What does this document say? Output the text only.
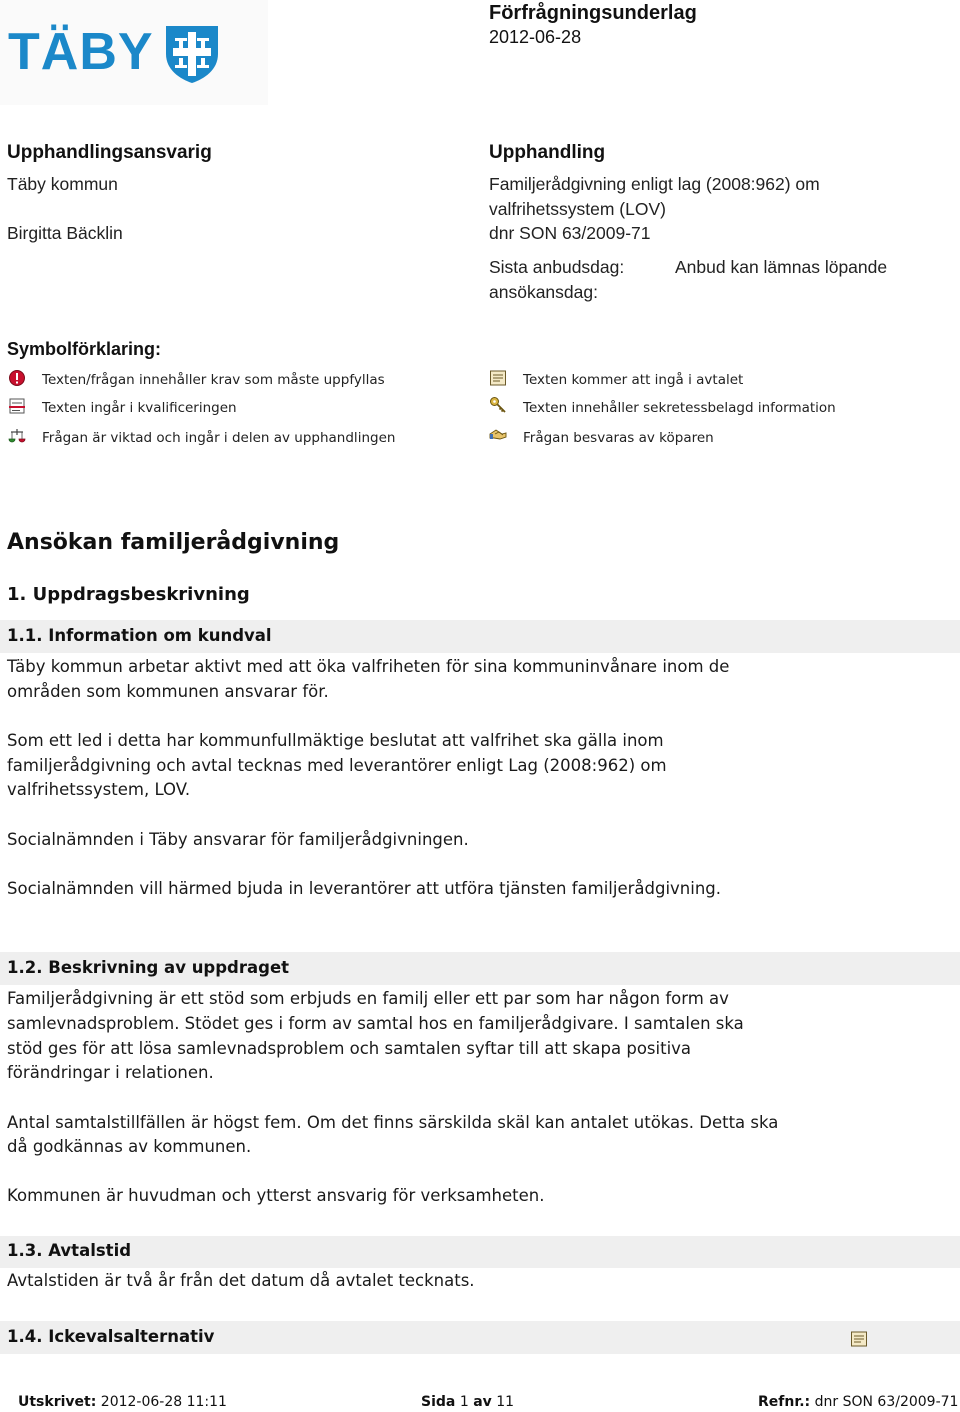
TÄBY
Förfrågningsunderlag
2012-06-28
Upphandlingsansvarig
Täby kommun
Birgitta Bäcklin
Upphandling
Familjerådgivning enligt lag (2008:962) om
valfrihetssystem (LOV)
dnr SON 63/2009-71
Sista anbudsdag:
ansökansdag:
Anbud kan lämnas löpande
Symbolförklaring:
Texten/frågan innehåller krav som måste uppfyllas	Texten kommer att ingå i avtalet
Texten ingår i kvalificeringen	Texten innehåller sekretessbelagd information
Frågan är viktad och ingår i delen av upphandlingen	Frågan besvaras av köparen
Ansökan familjerådgivning
1. Uppdragsbeskrivning
1.1. Information om kundval
Täby kommun arbetar aktivt med att öka valfriheten för sina kommuninvånare inom de
områden som kommunen ansvarar för.
Som ett led i detta har kommunfullmäktige beslutat att valfrihet ska gälla inom
familjerådgivning och avtal tecknas med leverantörer enligt Lag (2008:962) om
valfrihetssystem, LOV.
Socialnämnden i Täby ansvarar för familjerådgivningen.
Socialnämnden vill härmed bjuda in leverantörer att utföra tjänsten familjerådgivning.
1.2. Beskrivning av uppdraget
Familjerådgivning är ett stöd som erbjuds en familj eller ett par som har någon form av
samlevnadsproblem. Stödet ges i form av samtal hos en familjerådgivare. I samtalen ska
stöd ges för att lösa samlevnadsproblem och samtalen syftar till att skapa positiva
förändringar i relationen.
Antal samtalstillfällen är högst fem. Om det finns särskilda skäl kan antalet utökas. Detta ska
då godkännas av kommunen.
Kommunen är huvudman och ytterst ansvarig för verksamheten.
1.3. Avtalstid
Avtalstiden är två år från det datum då avtalet tecknats.
1.4. Ickevalsalternativ
Utskrivet: 2012-06-28 11:11	Sida 1 av 11	Refnr.: dnr SON 63/2009-71
